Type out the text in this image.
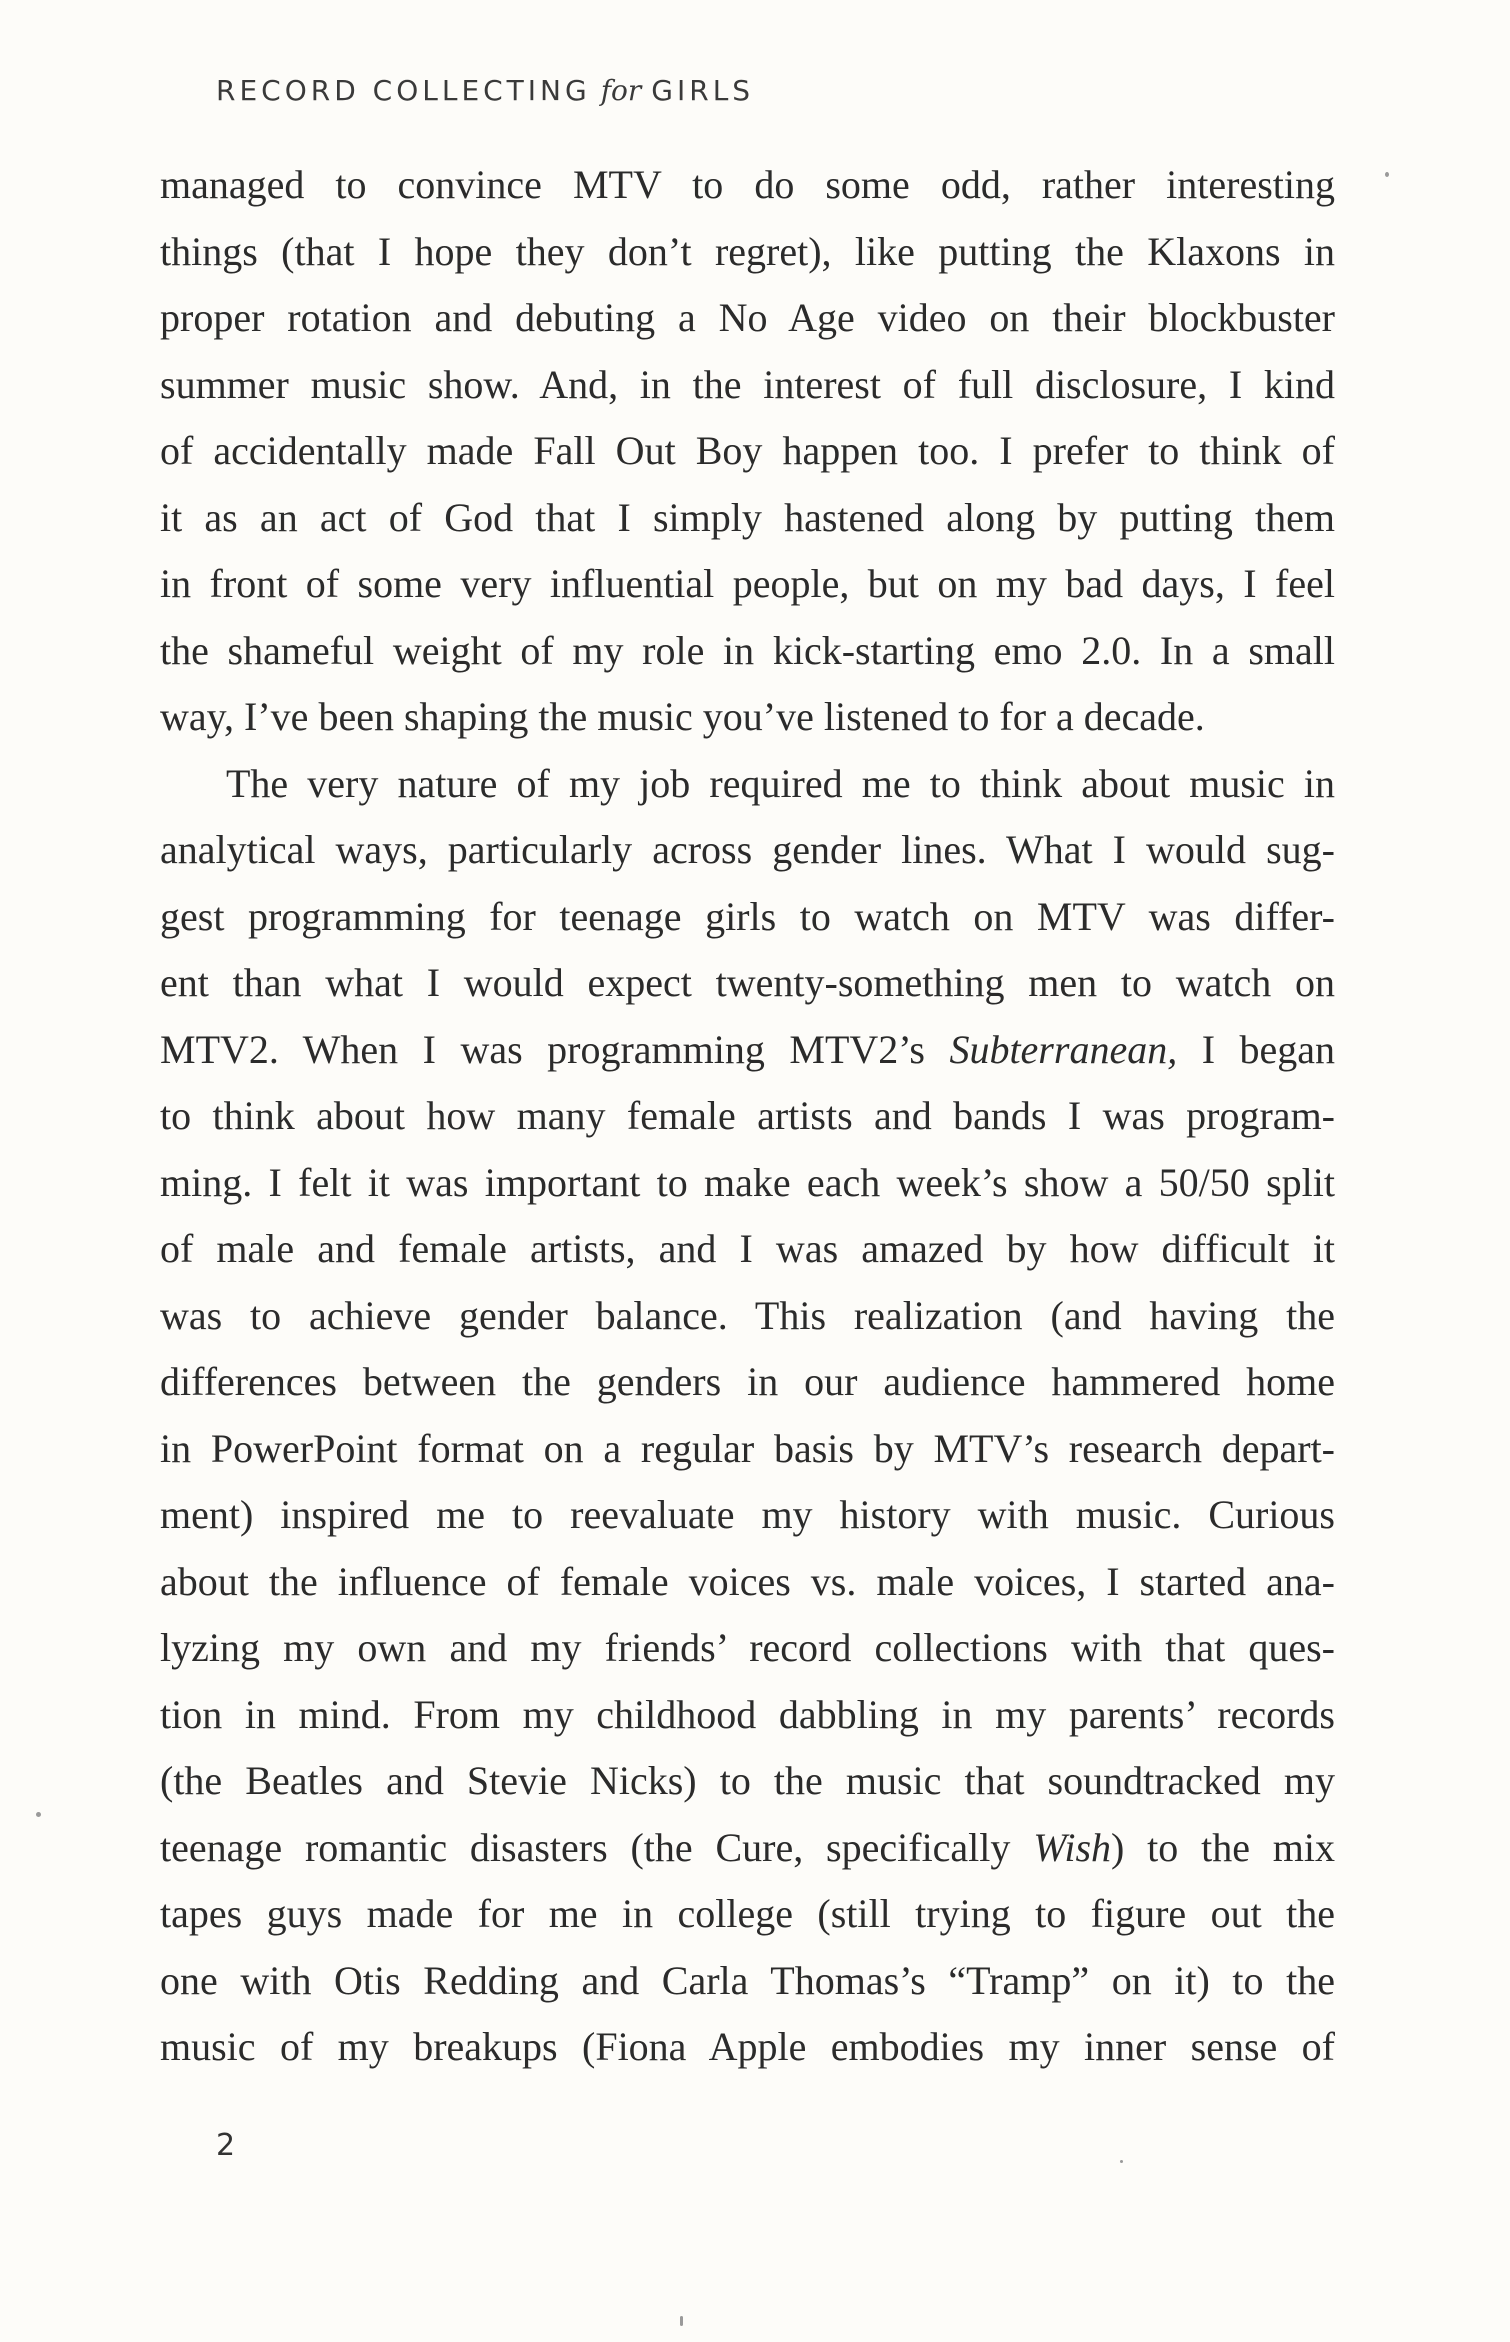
RECORD COLLECTING for GIRLS
managed to convince MTV to do some odd, rather interesting
things (that I hope they don’t regret), like putting the Klaxons in
proper rotation and debuting a No Age video on their blockbuster
summer music show. And, in the interest of full disclosure, I kind
of accidentally made Fall Out Boy happen too. I prefer to think of
it as an act of God that I simply hastened along by putting them
in front of some very influential people, but on my bad days, I feel
the shameful weight of my role in kick-starting emo 2.0. In a small
way, I’ve been shaping the music you’ve listened to for a decade.
The very nature of my job required me to think about music in
analytical ways, particularly across gender lines. What I would sug-
gest programming for teenage girls to watch on MTV was differ-
ent than what I would expect twenty-something men to watch on
MTV2. When I was programming MTV2’s Subterranean, I began
to think about how many female artists and bands I was program-
ming. I felt it was important to make each week’s show a 50/50 split
of male and female artists, and I was amazed by how difficult it
was to achieve gender balance. This realization (and having the
differences between the genders in our audience hammered home
in PowerPoint format on a regular basis by MTV’s research depart-
ment) inspired me to reevaluate my history with music. Curious
about the influence of female voices vs. male voices, I started ana-
lyzing my own and my friends’ record collections with that ques-
tion in mind. From my childhood dabbling in my parents’ records
(the Beatles and Stevie Nicks) to the music that soundtracked my
teenage romantic disasters (the Cure, specifically Wish) to the mix
tapes guys made for me in college (still trying to figure out the
one with Otis Redding and Carla Thomas’s “Tramp” on it) to the
music of my breakups (Fiona Apple embodies my inner sense of
2
